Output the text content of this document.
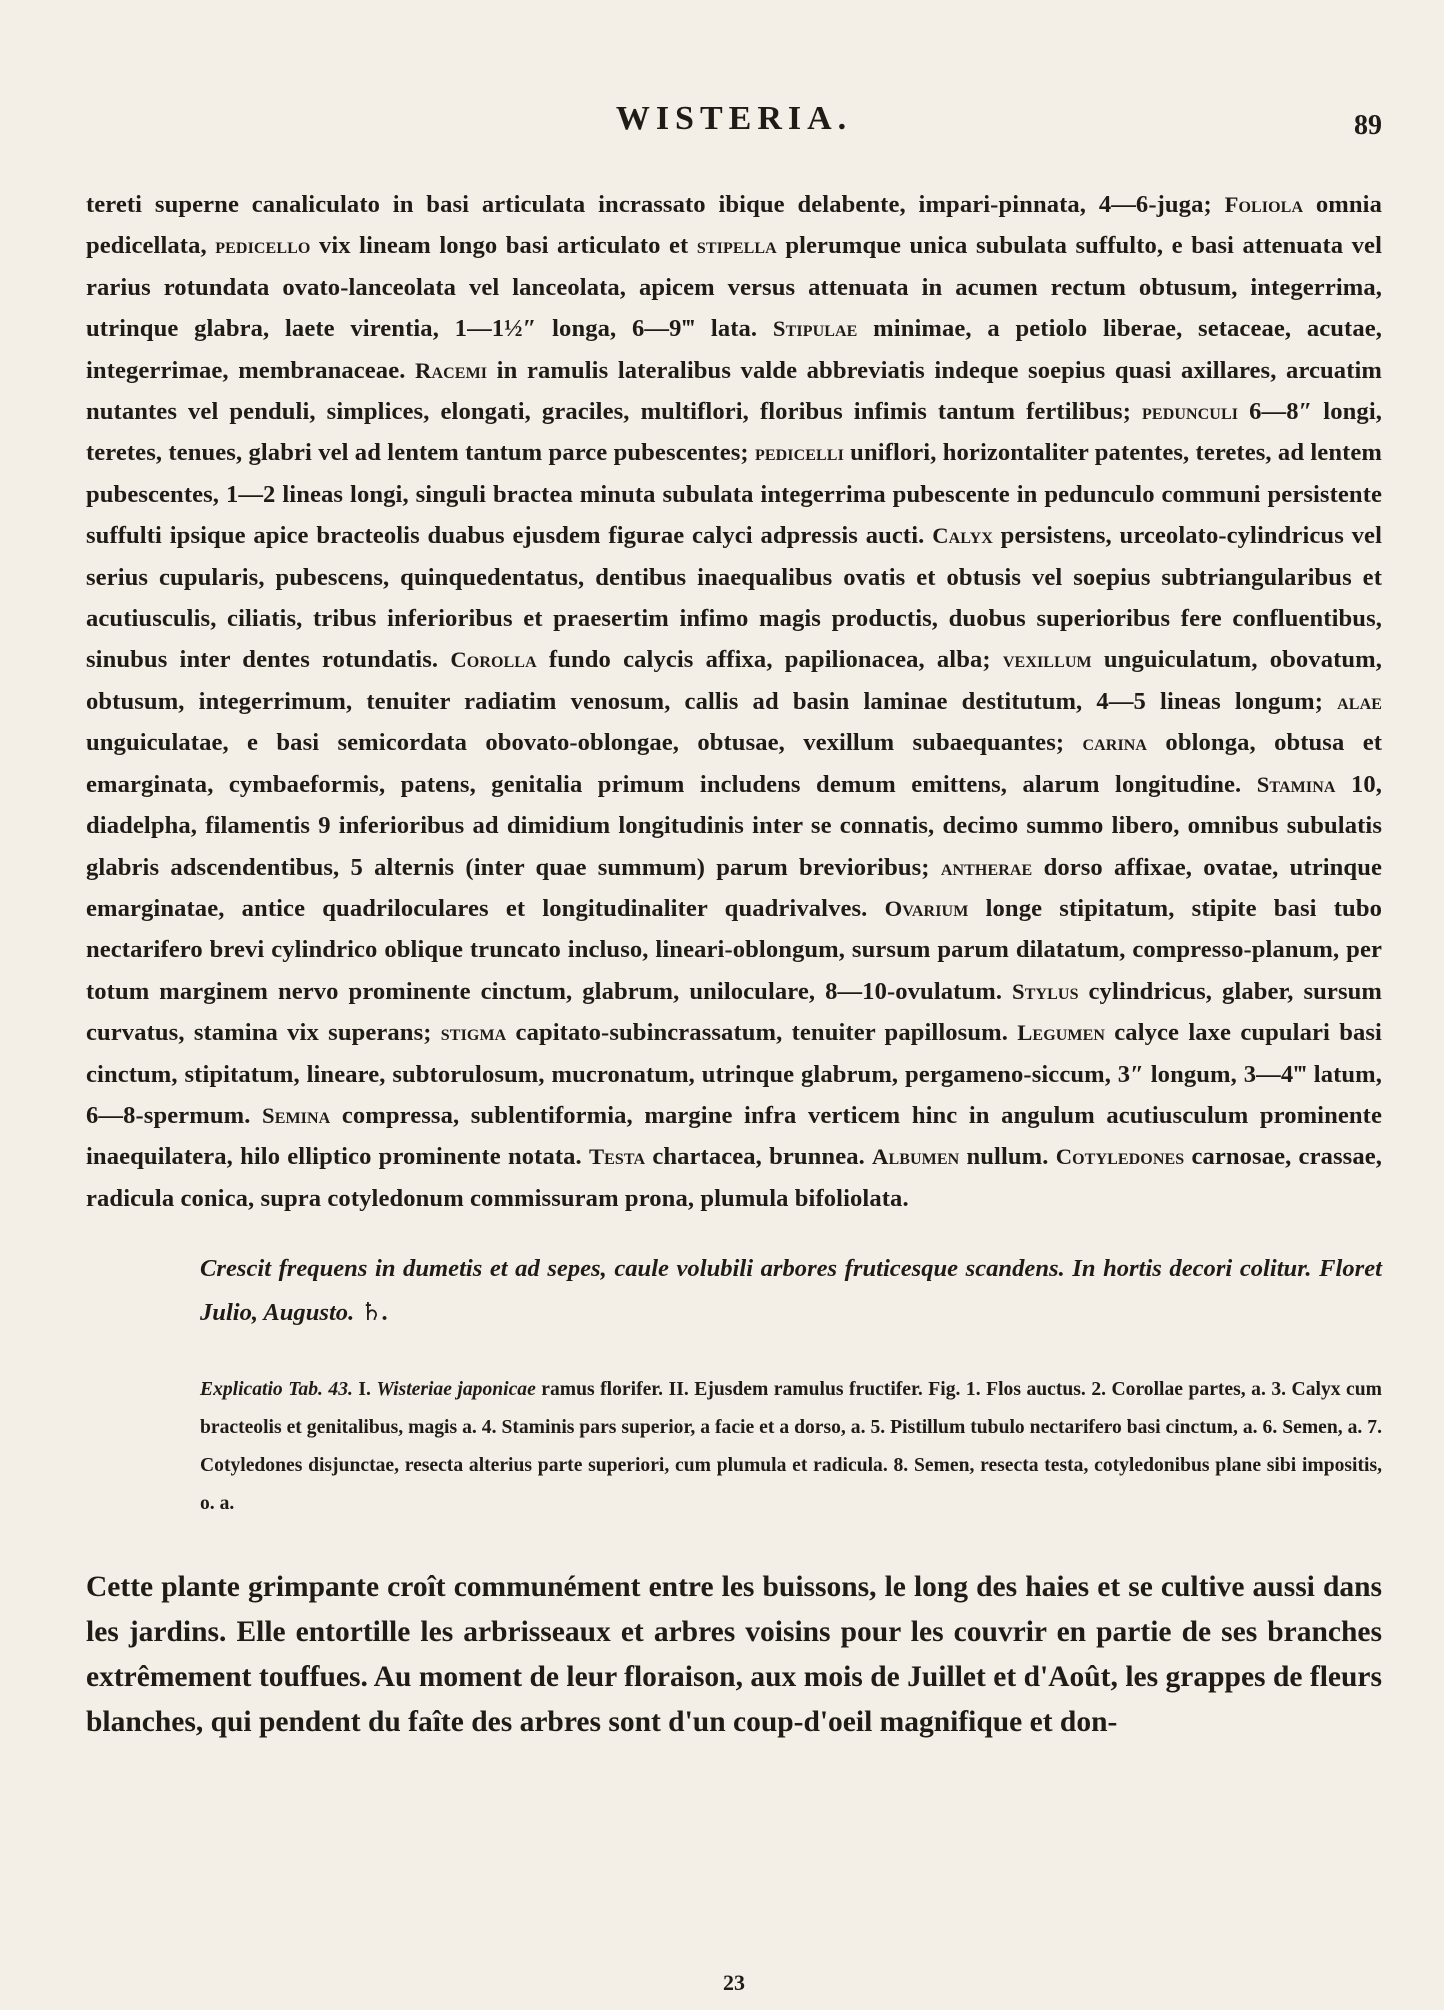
WISTERIA.	89

tereti superne canaliculato in basi articulata incrassato ibique delabente, impari-pinnata, 4—6-juga; Foliola omnia pedicellata, pedicello vix lineam longo basi articulato et stipella plerumque unica subulata suffulto, e basi attenuata vel rarius rotundata ovato-lanceolata vel lanceolata, apicem versus attenuata in acumen rectum obtusum, integerrima, utrinque glabra, laete virentia, 1—1½″ longa, 6—9‴ lata. Stipulae minimae, a petiolo liberae, setaceae, acutae, integerrimae, membranaceae. Racemi in ramulis lateralibus valde abbreviatis indeque soepius quasi axillares, arcuatim nutantes vel penduli, simplices, elongati, graciles, multiflori, floribus infimis tantum fertilibus; pedunculi 6—8″ longi, teretes, tenues, glabri vel ad lentem tantum parce pubescentes; pedicelli uniflori, horizontaliter patentes, teretes, ad lentem pubescentes, 1—2 lineas longi, singuli bractea minuta subulata integerrima pubescente in pedunculo communi persistente suffulti ipsique apice bracteolis duabus ejusdem figurae calyci adpressis aucti. Calyx persistens, urceolato-cylindricus vel serius cupularis, pubescens, quinquedentatus, dentibus inaequalibus ovatis et obtusis vel soepius subtriangularibus et acutiusculis, ciliatis, tribus inferioribus et praesertim infimo magis productis, duobus superioribus fere confluentibus, sinubus inter dentes rotundatis. Corolla fundo calycis affixa, papilionacea, alba; vexillum unguiculatum, obovatum, obtusum, integerrimum, tenuiter radiatim venosum, callis ad basin laminae destitutum, 4—5 lineas longum; alae unguiculatae, e basi semicordata obovato-oblongae, obtusae, vexillum subaequantes; carina oblonga, obtusa et emarginata, cymbaeformis, patens, genitalia primum includens demum emittens, alarum longitudine. Stamina 10, diadelpha, filamentis 9 inferioribus ad dimidium longitudinis inter se connatis, decimo summo libero, omnibus subulatis glabris adscendentibus, 5 alternis (inter quae summum) parum brevioribus; antherae dorso affixae, ovatae, utrinque emarginatae, antice quadriloculares et longitudinaliter quadrivalves. Ovarium longe stipitatum, stipite basi tubo nectarifero brevi cylindrico oblique truncato incluso, lineari-oblongum, sursum parum dilatatum, compresso-planum, per totum marginem nervo prominente cinctum, glabrum, uniloculare, 8—10-ovulatum. Stylus cylindricus, glaber, sursum curvatus, stamina vix superans; stigma capitato-subincrassatum, tenuiter papillosum. Legumen calyce laxe cupulari basi cinctum, stipitatum, lineare, subtorulosum, mucronatum, utrinque glabrum, pergameno-siccum, 3″ longum, 3—4‴ latum, 6—8-spermum. Semina compressa, sublentiformia, margine infra verticem hinc in angulum acutiusculum prominente inaequilatera, hilo elliptico prominente notata. Testa chartacea, brunnea. Albumen nullum. Cotyledones carnosae, crassae, radicula conica, supra cotyledonum commissuram prona, plumula bifoliolata.

Crescit frequens in dumetis et ad sepes, caule volubili arbores fruticesque scandens. In hortis decori colitur. Floret Julio, Augusto. ♄.

Explicatio Tab. 43. I. Wisteriae japonicae ramus florifer. II. Ejusdem ramulus fructifer. Fig. 1. Flos auctus. 2. Corollae partes, a. 3. Calyx cum bracteolis et genitalibus, magis a. 4. Staminis pars superior, a facie et a dorso, a. 5. Pistillum tubulo nectarifero basi cinctum, a. 6. Semen, a. 7. Cotyledones disjunctae, resecta alterius parte superiori, cum plumula et radicula. 8. Semen, resecta testa, cotyledonibus plane sibi impositis, o. a.

Cette plante grimpante croît communément entre les buissons, le long des haies et se cultive aussi dans les jardins. Elle entortille les arbrisseaux et arbres voisins pour les couvrir en partie de ses branches extrêmement touffues. Au moment de leur floraison, aux mois de Juillet et d'Août, les grappes de fleurs blanches, qui pendent du faîte des arbres sont d'un coup-d'oeil magnifique et don-

23
